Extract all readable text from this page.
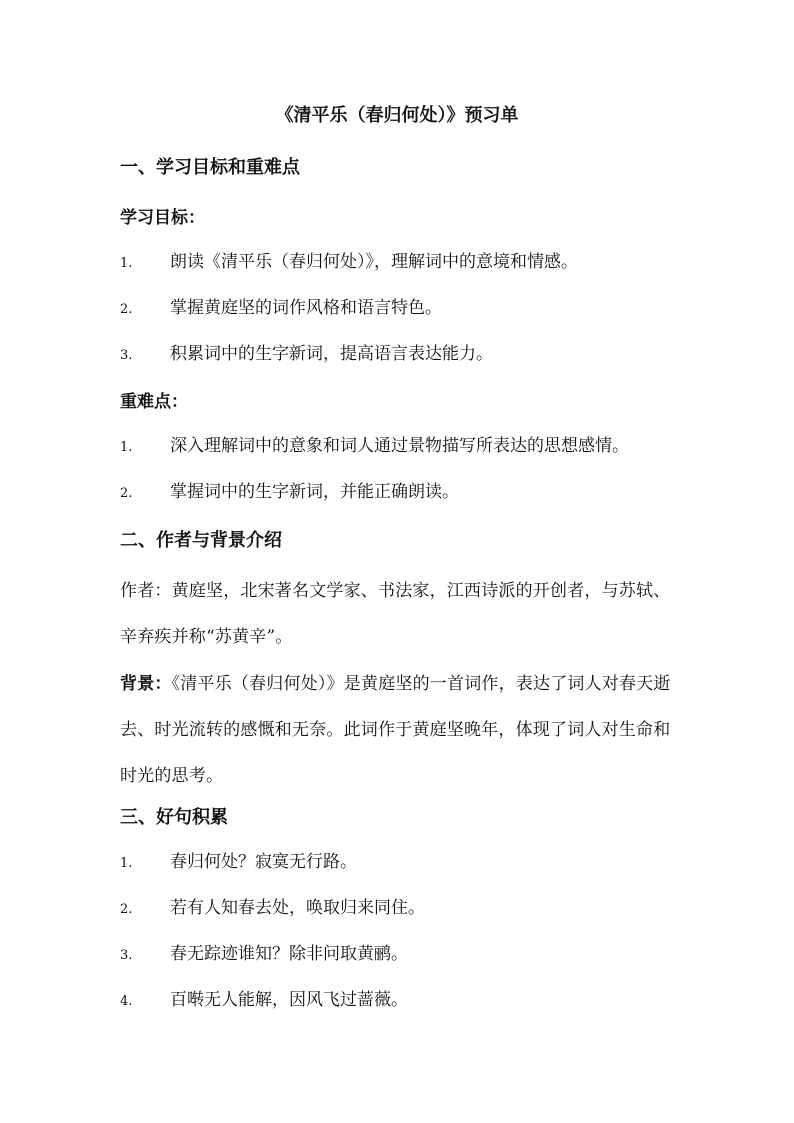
《清平乐（春归何处）》预习单
一、学习目标和重难点
学习目标：
1. 朗读《清平乐（春归何处）》，理解词中的意境和情感。
2. 掌握黄庭坚的词作风格和语言特色。
3. 积累词中的生字新词，提高语言表达能力。
重难点：
1. 深入理解词中的意象和词人通过景物描写所表达的思想感情。
2. 掌握词中的生字新词，并能正确朗读。
二、作者与背景介绍
作者：黄庭坚，北宋著名文学家、书法家，江西诗派的开创者，与苏轼、辛弃疾并称“苏黄辛”。
背景：《清平乐（春归何处）》是黄庭坚的一首词作，表达了词人对春天逝去、时光流转的感慨和无奈。此词作于黄庭坚晚年，体现了词人对生命和时光的思考。
三、好句积累
1. 春归何处？寂寞无行路。
2. 若有人知春去处，唤取归来同住。
3. 春无踪迹谁知？除非问取黄鹂。
4. 百啭无人能解，因风飞过蔷薇。
